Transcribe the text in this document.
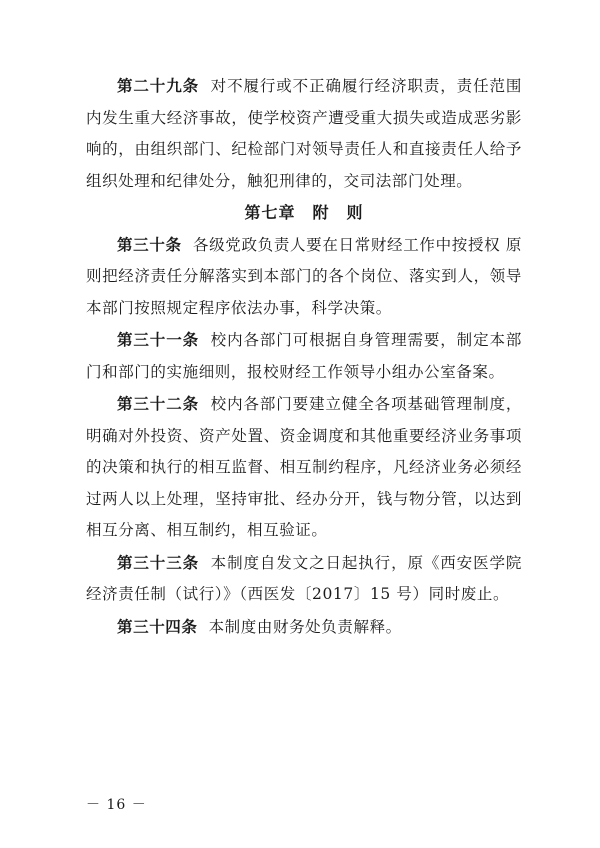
第二十九条 对不履行或不正确履行经济职责，责任范围内发生重大经济事故，使学校资产遭受重大损失或造成恶劣影响的，由组织部门、纪检部门对领导责任人和直接责任人给予组织处理和纪律处分，触犯刑律的，交司法部门处理。

第七章　附　则

第三十条 各级党政负责人要在日常财经工作中按授权 原则把经济责任分解落实到本部门的各个岗位、落实到人，领导本部门按照规定程序依法办事，科学决策。

第三十一条 校内各部门可根据自身管理需要，制定本部门和部门的实施细则，报校财经工作领导小组办公室备案。

第三十二条 校内各部门要建立健全各项基础管理制度，明确对外投资、资产处置、资金调度和其他重要经济业务事项的决策和执行的相互监督、相互制约程序，凡经济业务必须经过两人以上处理，坚持审批、经办分开，钱与物分管，以达到相互分离、相互制约，相互验证。

第三十三条 本制度自发文之日起执行，原《西安医学院经济责任制（试行）》（西医发〔2017〕15 号）同时废止。

第三十四条 本制度由财务处负责解释。

－ 16 －
